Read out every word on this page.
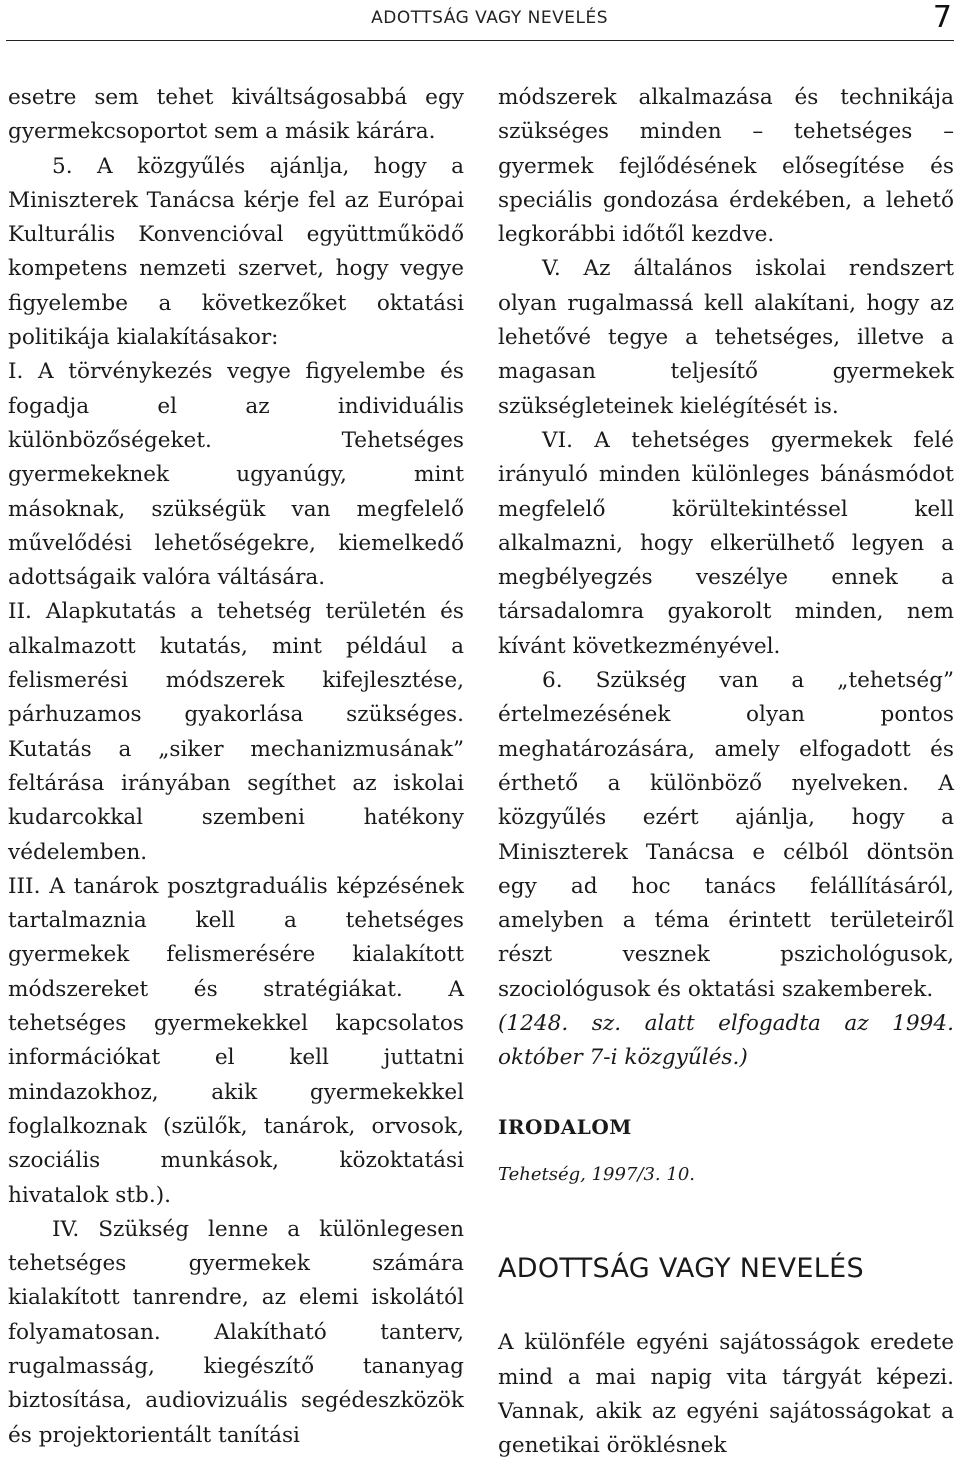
ADOTTSÁG VAGY NEVELÉS	7

esetre sem tehet kiváltságosabbá egy gyermekcsoportot sem a másik kárára.

5. A közgyűlés ajánlja, hogy a Miniszterek Tanácsa kérje fel az Európai Kulturális Konvencióval együttműködő kompetens nemzeti szervet, hogy vegye figyelembe a következőket oktatási politikája kialakításakor:

I. A törvénykezés vegye figyelembe és fogadja el az individuális különbözőségeket. Tehetséges gyermekeknek ugyanúgy, mint másoknak, szükségük van megfelelő művelődési lehetőségekre, kiemelkedő adottságaik valóra váltására.

II. Alapkutatás a tehetség területén és alkalmazott kutatás, mint például a felismerési módszerek kifejlesztése, párhuzamos gyakorlása szükséges. Kutatás a „siker mechanizmusának” feltárása irányában segíthet az iskolai kudarcokkal szembeni hatékony védelemben.

III. A tanárok posztgraduális képzésének tartalmaznia kell a tehetséges gyermekek felismerésére kialakított módszereket és stratégiákat. A tehetséges gyermekekkel kapcsolatos információkat el kell juttatni mindazokhoz, akik gyermekekkel foglalkoznak (szülők, tanárok, orvosok, szociális munkások, közoktatási hivatalok stb.).

IV. Szükség lenne a különlegesen tehetséges gyermekek számára kialakított tanrendre, az elemi iskolától folyamatosan. Alakítható tanterv, rugalmasság, kiegészítő tananyag biztosítása, audiovizuális segédeszközök és projektorientált tanítási

módszerek alkalmazása és technikája szükséges minden – tehetséges – gyermek fejlődésének elősegítése és speciális gondozása érdekében, a lehető legkorábbi időtől kezdve.

V. Az általános iskolai rendszert olyan rugalmassá kell alakítani, hogy az lehetővé tegye a tehetséges, illetve a magasan teljesítő gyermekek szükségleteinek kielégítését is.

VI. A tehetséges gyermekek felé irányuló minden különleges bánásmódot megfelelő körültekintéssel kell alkalmazni, hogy elkerülhető legyen a megbélyegzés veszélye ennek a társadalomra gyakorolt minden, nem kívánt következményével.

6. Szükség van a „tehetség” értelmezésének olyan pontos meghatározására, amely elfogadott és érthető a különböző nyelveken. A közgyűlés ezért ajánlja, hogy a Miniszterek Tanácsa e célból döntsön egy ad hoc tanács felállításáról, amelyben a téma érintett területeiről részt vesznek pszichológusok, szociológusok és oktatási szakemberek.

(1248. sz. alatt elfogadta az 1994. október 7-i közgyűlés.)

IRODALOM
Tehetség, 1997/3. 10.
ADOTTSÁG VAGY NEVELÉS

A különféle egyéni sajátosságok eredete mind a mai napig vita tárgyát képezi. Vannak, akik az egyéni sajátosságokat a genetikai öröklésnek
